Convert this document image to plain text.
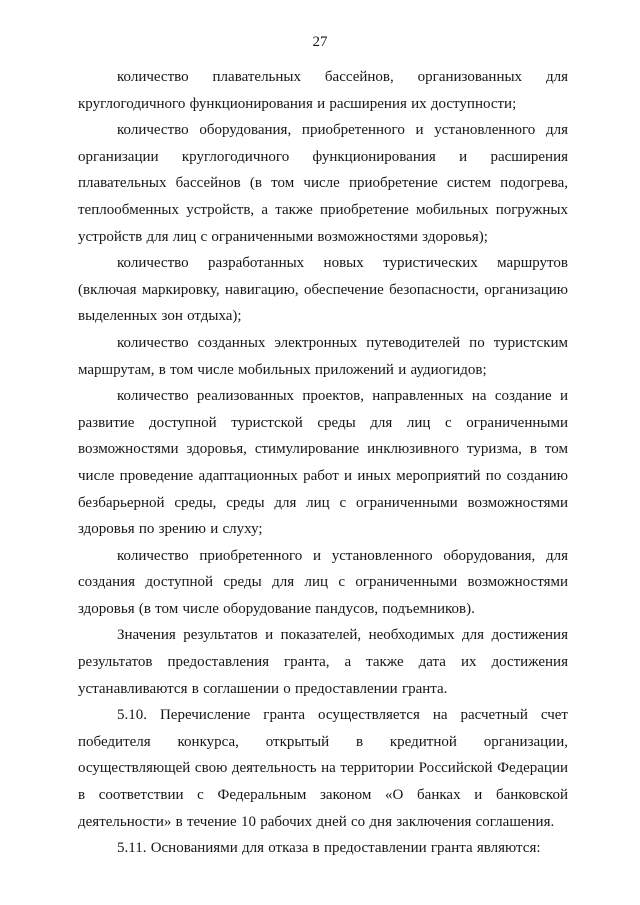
27

количество плавательных бассейнов, организованных для круглогодичного функционирования и расширения их доступности;

количество оборудования, приобретенного и установленного для организации круглогодичного функционирования и расширения плавательных бассейнов (в том числе приобретение систем подогрева, теплообменных устройств, а также приобретение мобильных погружных устройств для лиц с ограниченными возможностями здоровья);

количество разработанных новых туристических маршрутов (включая маркировку, навигацию, обеспечение безопасности, организацию выделенных зон отдыха);

количество созданных электронных путеводителей по туристским маршрутам, в том числе мобильных приложений и аудиогидов;

количество реализованных проектов, направленных на создание и развитие доступной туристской среды для лиц с ограниченными возможностями здоровья, стимулирование инклюзивного туризма, в том числе проведение адаптационных работ и иных мероприятий по созданию безбарьерной среды, среды для лиц с ограниченными возможностями здоровья по зрению и слуху;

количество приобретенного и установленного оборудования, для создания доступной среды для лиц с ограниченными возможностями здоровья (в том числе оборудование пандусов, подъемников).

Значения результатов и показателей, необходимых для достижения результатов предоставления гранта, а также дата их достижения устанавливаются в соглашении о предоставлении гранта.

5.10. Перечисление гранта осуществляется на расчетный счет победителя конкурса, открытый в кредитной организации, осуществляющей свою деятельность на территории Российской Федерации в соответствии с Федеральным законом «О банках и банковской деятельности» в течение 10 рабочих дней со дня заключения соглашения.

5.11. Основаниями для отказа в предоставлении гранта являются:
